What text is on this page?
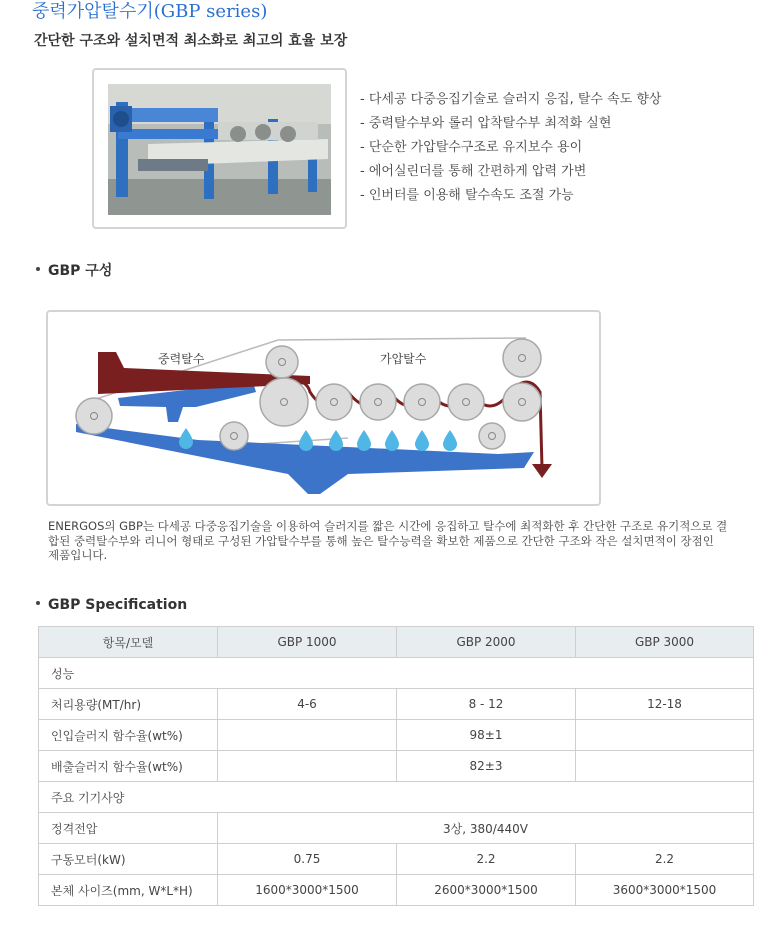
중력가압탈수기(GBP series)
간단한 구조와 설치면적 최소화로 최고의 효율 보장
- 다세공 다중응집기술로 슬러지 응집, 탈수 속도 향상
- 중력탈수부와 롤러 압착탈수부 최적화 실현
- 단순한 가압탈수구조로 유지보수 용이
- 에어실린더를 통해 간편하게 압력 가변
- 인버터를 이용해 탈수속도 조절 가능
GBP 구성
중력탈수	가압탈수
ENERGOS의 GBP는 다세공 다중응집기술을 이용하여 슬러지를 짧은 시간에 응집하고 탈수에 최적화한 후 간단한 구조로 유기적으로 결합된 중력탈수부와 리니어 형태로 구성된 가압탈수부를 통해 높은 탈수능력을 확보한 제품으로 간단한 구조와 작은 설치면적이 장점인 제품입니다.
GBP Specification
항목/모델	GBP 1000	GBP 2000	GBP 3000
성능			
처리용량(MT/hr)	4-6	8 - 12	12-18
인입슬러지 함수율(wt%)		98±1	
배출슬러지 함수율(wt%)		82±3	
주요 기기사양			
정격전압	3상, 380/440V		
구동모터(kW)	0.75	2.2	2.2
본체 사이즈(mm, W*L*H)	1600*3000*1500	2600*3000*1500	3600*3000*1500
